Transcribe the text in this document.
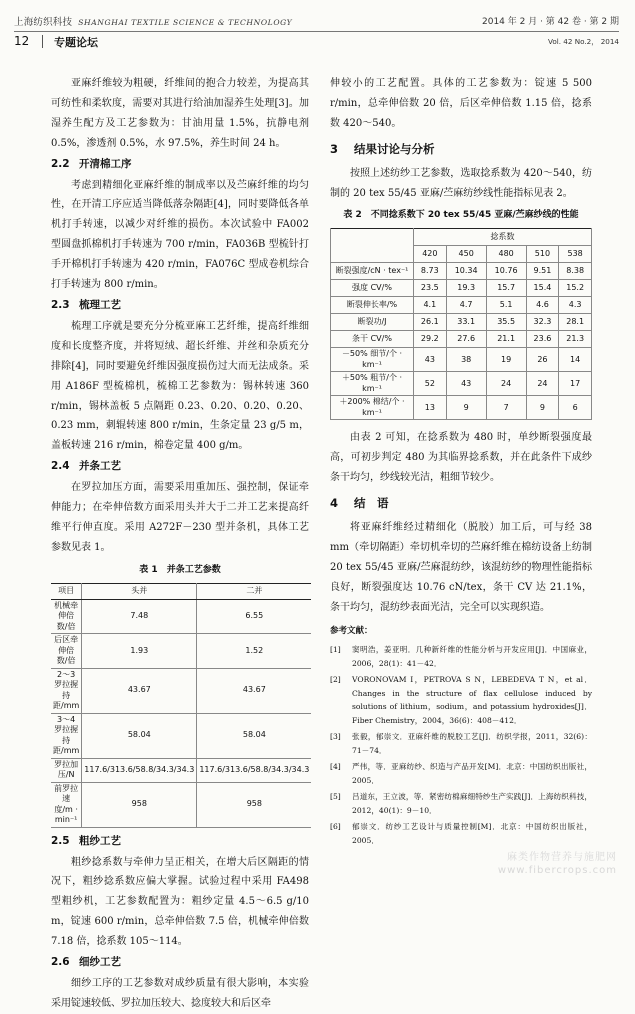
上海纺织科技 SHANGHAI TEXTILE SCIENCE & TECHNOLOGY	2014 年 2 月 · 第 42 卷 · 第 2 期
12 专题论坛	Vol. 42 No.2， 2014

亚麻纤维较为粗硬，纤维间的抱合力较差，为提高其可纺性和柔软度，需要对其进行给油加湿养生处理[3]。加湿养生配方及工艺参数为：甘油用量 1.5%，抗静电剂 0.5%，渗透剂 0.5%，水 97.5%，养生时间 24 h。

2.2 开清棉工序

考虑到精细化亚麻纤维的制成率以及苎麻纤维的均匀性，在开清工序应适当降低落杂隔距[4]，同时要降低各单机打手转速，以减少对纤维的损伤。本次试验中 FA002 型圆盘抓棉机打手转速为 700 r/min，FA036B 型梳针打手开棉机打手转速为 420 r/min，FA076C 型成卷机综合打手转速为 800 r/min。

2.3 梳理工艺

梳理工序就是要充分分梳亚麻工艺纤维，提高纤维细度和长度整齐度，并将短绒、超长纤维、并丝和杂质充分排除[4]，同时要避免纤维因强度损伤过大而无法成条。采用 A186F 型梳棉机，梳棉工艺参数为：锡林转速 360 r/min，锡林盖板 5 点隔距 0.23、0.20、0.20、0.20、0.23 mm，刺辊转速 800 r/min，生条定量 23 g/5 m，盖板转速 216 r/min，棉卷定量 400 g/m。

2.4 并条工艺

在罗拉加压方面，需要采用重加压、强控制，保证牵伸能力；在牵伸倍数方面采用头并大于二并工艺来提高纤维平行伸直度。采用 A272F－230 型并条机，具体工艺参数见表 1。

表 1　并条工艺参数
项目	头并	二并
机械牵伸倍数/倍	7.48	6.55
后区牵伸倍数/倍	1.93	1.52
2～3 罗拉握持距/mm	43.67	43.67
3～4 罗拉握持距/mm	58.04	58.04
罗拉加压/N	117.6/313.6/58.8/34.3/34.3	117.6/313.6/58.8/34.3/34.3
前罗拉速度/m · min⁻¹	958	958
2.5 粗纱工艺

粗纱捻系数与牵伸力呈正相关，在增大后区隔距的情况下，粗纱捻系数应偏大掌握。试验过程中采用 FA498 型粗纱机，工艺参数配置为：粗纱定量 4.5～6.5 g/10 m，锭速 600 r/min，总牵伸倍数 7.5 倍，机械牵伸倍数 7.18 倍，捻系数 105～114。

2.6 细纱工艺

细纱工序的工艺参数对成纱质量有很大影响，本实验采用锭速较低、罗拉加压较大、捻度较大和后区牵

伸较小的工艺配置。具体的工艺参数为：锭速 5 500 r/min，总牵伸倍数 20 倍，后区牵伸倍数 1.15 倍，捻系数 420～540。

3 结果讨论与分析

按照上述纺纱工艺参数，选取捻系数为 420～540，纺制的 20 tex 55/45 亚麻/苎麻纺纱线性能指标见表 2。

表 2　不同捻系数下 20 tex 55/45 亚麻/苎麻纱线的性能
	捻系数				
	420	450	480	510	538
断裂强度/cN · tex⁻¹	8.73	10.34	10.76	9.51	8.38
强度 CV/%	23.5	19.3	15.7	15.4	15.2
断裂伸长率/%	4.1	4.7	5.1	4.6	4.3
断裂功/J	26.1	33.1	35.5	32.3	28.1
条干 CV/%	29.2	27.6	21.1	23.6	21.3
－50% 细节/个 · km⁻¹	43	38	19	26	14
＋50% 粗节/个 · km⁻¹	52	43	24	24	17
＋200% 棉结/个 · km⁻¹	13	9	7	9	6

由表 2 可知，在捻系数为 480 时，单纱断裂强度最高，可初步判定 480 为其临界捻系数，并在此条件下成纱条干均匀，纱线较光洁，粗细节较少。

4 结　语

将亚麻纤维经过精细化（脱胶）加工后，可与经 38 mm（牵切隔距）牵切机牵切的苎麻纤维在棉纺设备上纺制 20 tex 55/45 亚麻/苎麻混纺纱，该混纺纱的物理性能指标良好，断裂强度达 10.76 cN/tex，条干 CV 达 21.1%，条干均匀，混纺纱表面光洁，完全可以实现织造。

参考文献：
[1]	窦明浩，姜亚明．几种新纤维的性能分析与开发应用[J]．中国麻业，2006，28(1)：41－42．
[2]	VORONOVAM I，PETROVA S N，LEBEDEVA T N，et al．Changes in the structure of flax cellulose induced by solutions of lithium，sodium，and potassium hydroxides[J]．Fiber Chemistry，2004，36(6)：408－412．
[3]	张毅，郁崇文．亚麻纤维的脱胶工艺[J]．纺织学报，2011，32(6)：71－74．
[4]	严伟，等．亚麻纺纱、织造与产品开发[M]．北京：中国纺织出版社，2005．
[5]	吕道东，王立波，等．紧密纺棉麻细特纱生产实践[J]．上海纺织科技，2012，40(1)：9－10．
[6]	郁崇文．纺纱工艺设计与质量控制[M]．北京：中国纺织出版社，2005．
麻类作物营养与施肥网
www.fibercrops.com
